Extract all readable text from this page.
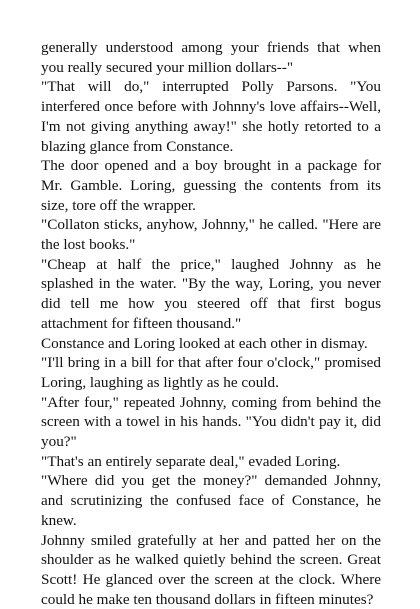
generally understood among your friends that when you really secured your million dollars--"

"That will do," interrupted Polly Parsons. "You interfered once before with Johnny's love affairs--Well, I'm not giving anything away!" she hotly retorted to a blazing glance from Constance.

The door opened and a boy brought in a package for Mr. Gamble. Loring, guessing the contents from its size, tore off the wrapper.

"Collaton sticks, anyhow, Johnny," he called. "Here are the lost books."

"Cheap at half the price," laughed Johnny as he splashed in the water. "By the way, Loring, you never did tell me how you steered off that first bogus attachment for fifteen thousand."

Constance and Loring looked at each other in dismay.

"I'll bring in a bill for that after four o'clock," promised Loring, laughing as lightly as he could.

"After four," repeated Johnny, coming from behind the screen with a towel in his hands. "You didn't pay it, did you?"

"That's an entirely separate deal," evaded Loring.

"Where did you get the money?" demanded Johnny, and scrutinizing the confused face of Constance, he knew.

Johnny smiled gratefully at her and patted her on the shoulder as he walked quietly behind the screen. Great Scott! He glanced over the screen at the clock. Where could he make ten thousand dollars in fifteen minutes?
